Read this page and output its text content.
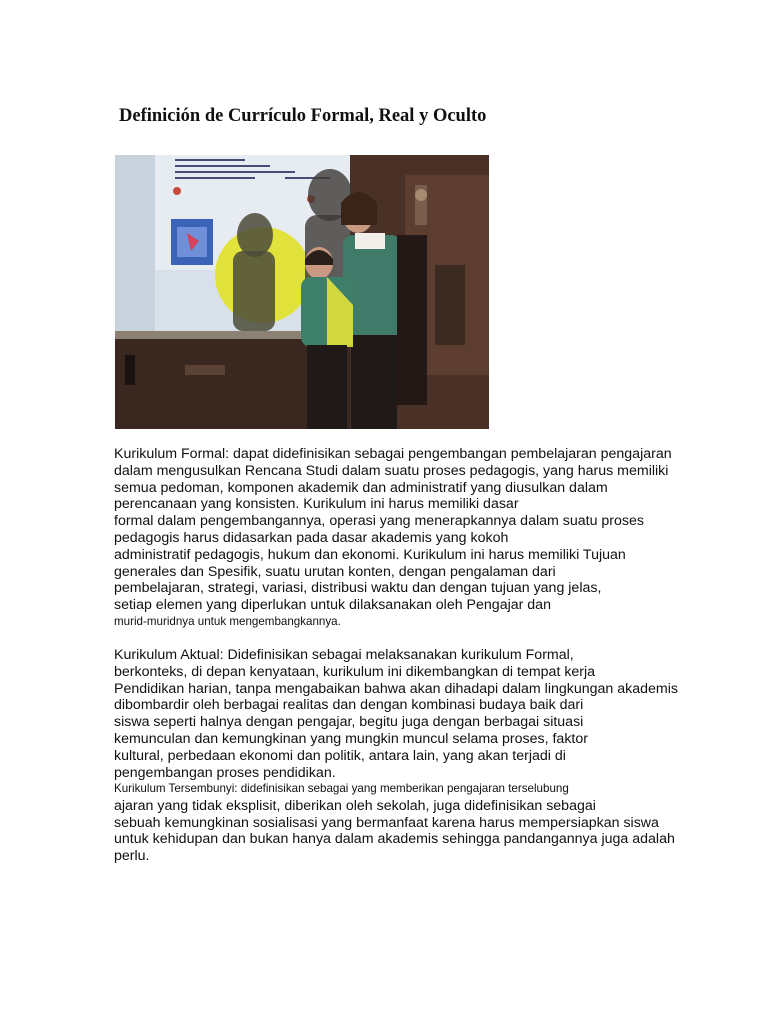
Definición de Currículo Formal, Real y Oculto
Kurikulum Formal: dapat didefinisikan sebagai pengembangan pembelajaran pengajaran
dalam mengusulkan Rencana Studi dalam suatu proses pedagogis, yang harus memiliki
semua pedoman, komponen akademik dan administratif yang diusulkan dalam
perencanaan yang konsisten. Kurikulum ini harus memiliki dasar
formal dalam pengembangannya, operasi yang menerapkannya dalam suatu proses
pedagogis harus didasarkan pada dasar akademis yang kokoh
administratif pedagogis, hukum dan ekonomi. Kurikulum ini harus memiliki Tujuan
generales dan Spesifik, suatu urutan konten, dengan pengalaman dari
pembelajaran, strategi, variasi, distribusi waktu dan dengan tujuan yang jelas,
setiap elemen yang diperlukan untuk dilaksanakan oleh Pengajar dan
murid-muridnya untuk mengembangkannya.
Kurikulum Aktual: Didefinisikan sebagai melaksanakan kurikulum Formal,
berkonteks, di depan kenyataan, kurikulum ini dikembangkan di tempat kerja
Pendidikan harian, tanpa mengabaikan bahwa akan dihadapi dalam lingkungan akademis
dibombardir oleh berbagai realitas dan dengan kombinasi budaya baik dari
siswa seperti halnya dengan pengajar, begitu juga dengan berbagai situasi
kemunculan dan kemungkinan yang mungkin muncul selama proses, faktor
kultural, perbedaan ekonomi dan politik, antara lain, yang akan terjadi di
pengembangan proses pendidikan.
Kurikulum Tersembunyi: didefinisikan sebagai yang memberikan pengajaran terselubung
ajaran yang tidak eksplisit, diberikan oleh sekolah, juga didefinisikan sebagai
sebuah kemungkinan sosialisasi yang bermanfaat karena harus mempersiapkan siswa
untuk kehidupan dan bukan hanya dalam akademis sehingga pandangannya juga adalah
perlu.
